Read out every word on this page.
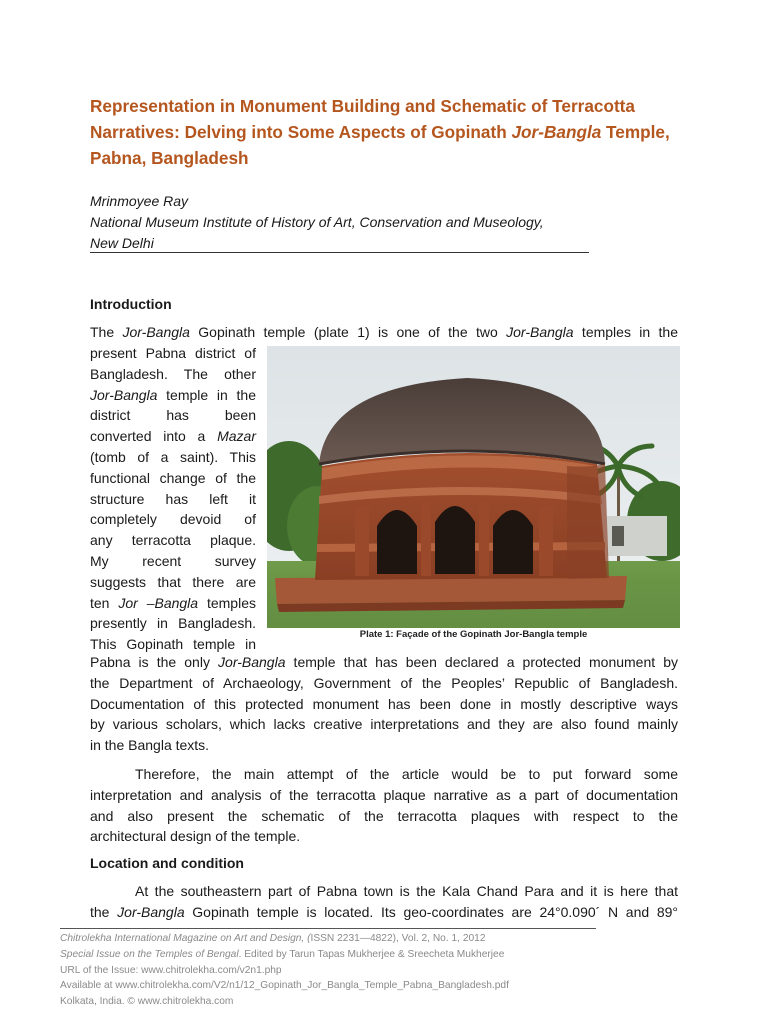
Representation in Monument Building and Schematic of Terracotta
Narratives: Delving into Some Aspects of Gopinath Jor-Bangla Temple,
Pabna, Bangladesh
Mrinmoyee Ray
National Museum Institute of History of Art, Conservation and Museology,
New Delhi
Introduction
The Jor-Bangla Gopinath temple (plate 1) is one of the two Jor-Bangla temples in the
present Pabna district of
Bangladesh. The other
Jor-Bangla temple in the
district has been
converted into a Mazar
(tomb of a saint). This
functional change of the
structure has left it
completely devoid of
any terracotta plaque.
My recent survey
suggests that there are
ten Jor –Bangla temples
presently in Bangladesh.
This Gopinath temple in
Plate 1: Façade of the Gopinath Jor-Bangla temple
Pabna is the only Jor-Bangla temple that has been declared a protected monument by
the Department of Archaeology, Government of the Peoples’ Republic of Bangladesh.
Documentation of this protected monument has been done in mostly descriptive ways
by various scholars, which lacks creative interpretations and they are also found mainly
in the Bangla texts.
Therefore, the main attempt of the article would be to put forward some
interpretation and analysis of the terracotta plaque narrative as a part of documentation
and also present the schematic of the terracotta plaques with respect to the
architectural design of the temple.
Location and condition
At the southeastern part of Pabna town is the Kala Chand Para and it is here that
the Jor-Bangla Gopinath temple is located. Its geo-coordinates are 24°0.090´ N and 89°
Chitrolekha International Magazine on Art and Design, (ISSN 2231—4822), Vol. 2, No. 1, 2012
Special Issue on the Temples of Bengal. Edited by Tarun Tapas Mukherjee & Sreecheta Mukherjee
URL of the Issue: www.chitrolekha.com/v2n1.php
Available at www.chitrolekha.com/V2/n1/12_Gopinath_Jor_Bangla_Temple_Pabna_Bangladesh.pdf
Kolkata, India. © www.chitrolekha.com
